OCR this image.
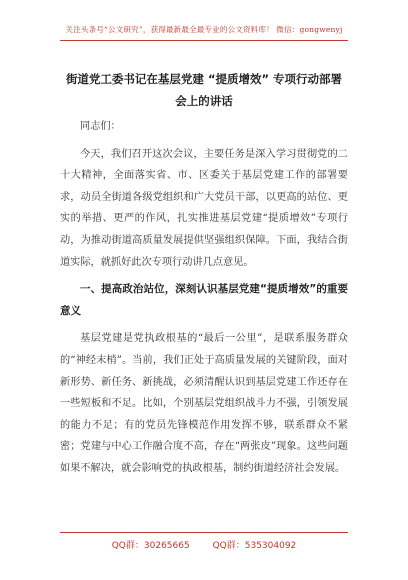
关注头条号“公文研究”，获得最新最全最专业的公文资料库！ 微信：gongwenyj
街道党工委书记在基层党建 “提质增效” 专项行动部署
会上的讲话
同志们：

今天，我们召开这次会议，主要任务是深入学习贯彻党的二十大精神，全面落实省、市、区委关于基层党建工作的部署要求，动员全街道各级党组织和广大党员干部，以更高的站位、更实的举措、更严的作风，扎实推进基层党建“提质增效”专项行动，为推动街道高质量发展提供坚强组织保障。下面，我结合街道实际，就抓好此次专项行动讲几点意见。

一、提高政治站位，深刻认识基层党建“提质增效”的重要意义

基层党建是党执政根基的“最后一公里”，是联系服务群众的“神经末梢”。当前，我们正处于高质量发展的关键阶段，面对新形势、新任务、新挑战，必须清醒认识到基层党建工作还存在一些短板和不足。比如，个别基层党组织战斗力不强，引领发展的能力不足；有的党员先锋模范作用发挥不够，联系群众不紧密；党建与中心工作融合度不高，存在“两张皮”现象。这些问题如果不解决，就会影响党的执政根基，制约街道经济社会发展。

QQ群：30265665	QQ群：535304092
